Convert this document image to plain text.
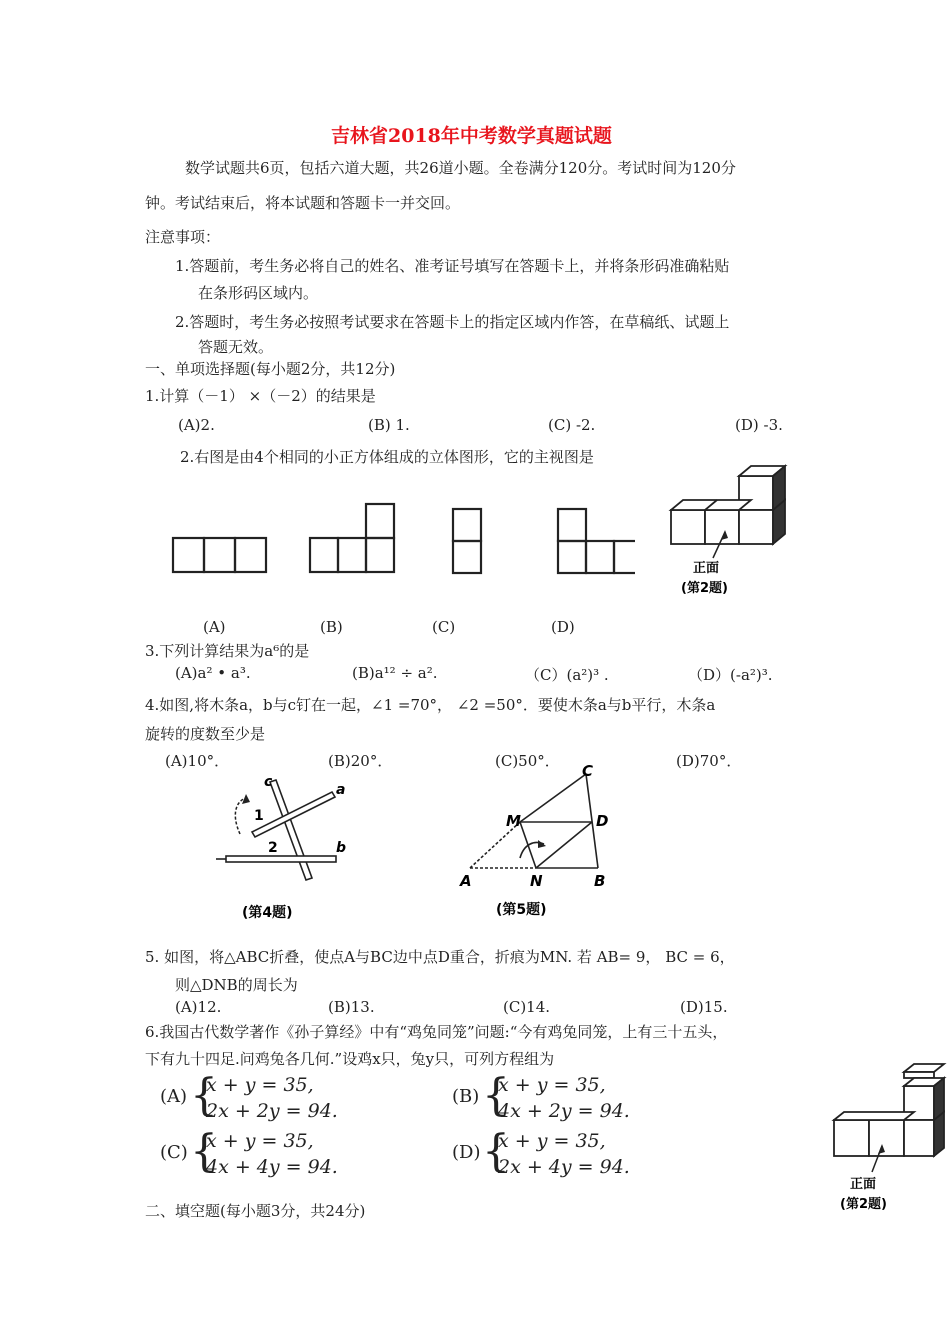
吉林省2018年中考数学真题试题
数学试题共6页，包括六道大题，共26道小题。全卷满分120分。考试时间为120分
钟。考试结束后，将本试题和答题卡一并交回。
注意事项：
1.答题前，考生务必将自己的姓名、准考证号填写在答题卡上，并将条形码准确粘贴
在条形码区域内。
2.答题时，考生务必按照考试要求在答题卡上的指定区域内作答，在草稿纸、试题上
答题无效。
一、单项选择题(每小题2分，共12分)
1.计算（－1） ×（－2）的结果是
(A)2.	(B) 1.	(C) -2.	(D) -3.
2.右图是由4个相同的小正方体组成的立体图形，它的主视图是
正面
(第2题)
(A)	(B)	(C)	(D)
3.下列计算结果为a⁶的是
(A)a² • a³.	(B)a¹² ÷ a².	（C）(a²)³ .	（D）(-a²)³.
4.如图,将木条a，b与c钉在一起，∠1 =70°， ∠2 =50°．要使木条a与b平行，木条a
旋转的度数至少是
(A)10°．	(B)20°．	(C)50°．	(D)70°．
c	a
b
1
2
(第4题)
A	B
C
D
M
N
(第5题)
5. 如图，将△ABC折叠，使点A与BC边中点D重合，折痕为MN. 若 AB= 9， BC = 6，
则△DNB的周长为
(A)12.	(B)13.	(C)14.	(D)15.
6.我国古代数学著作《孙子算经》中有“鸡兔同笼”问题:“今有鸡兔同笼，上有三十五头，
下有九十四足.问鸡兔各几何.”设鸡x只，兔y只，可列方程组为
(A) {
x + y = 35,
2x + 2y = 94.
(B) {
x + y = 35,
4x + 2y = 94.
(C) {
x + y = 35,
4x + 4y = 94.
(D) {
x + y = 35,
2x + 4y = 94.
正面
(第2题)
二、填空题(每小题3分，共24分)
